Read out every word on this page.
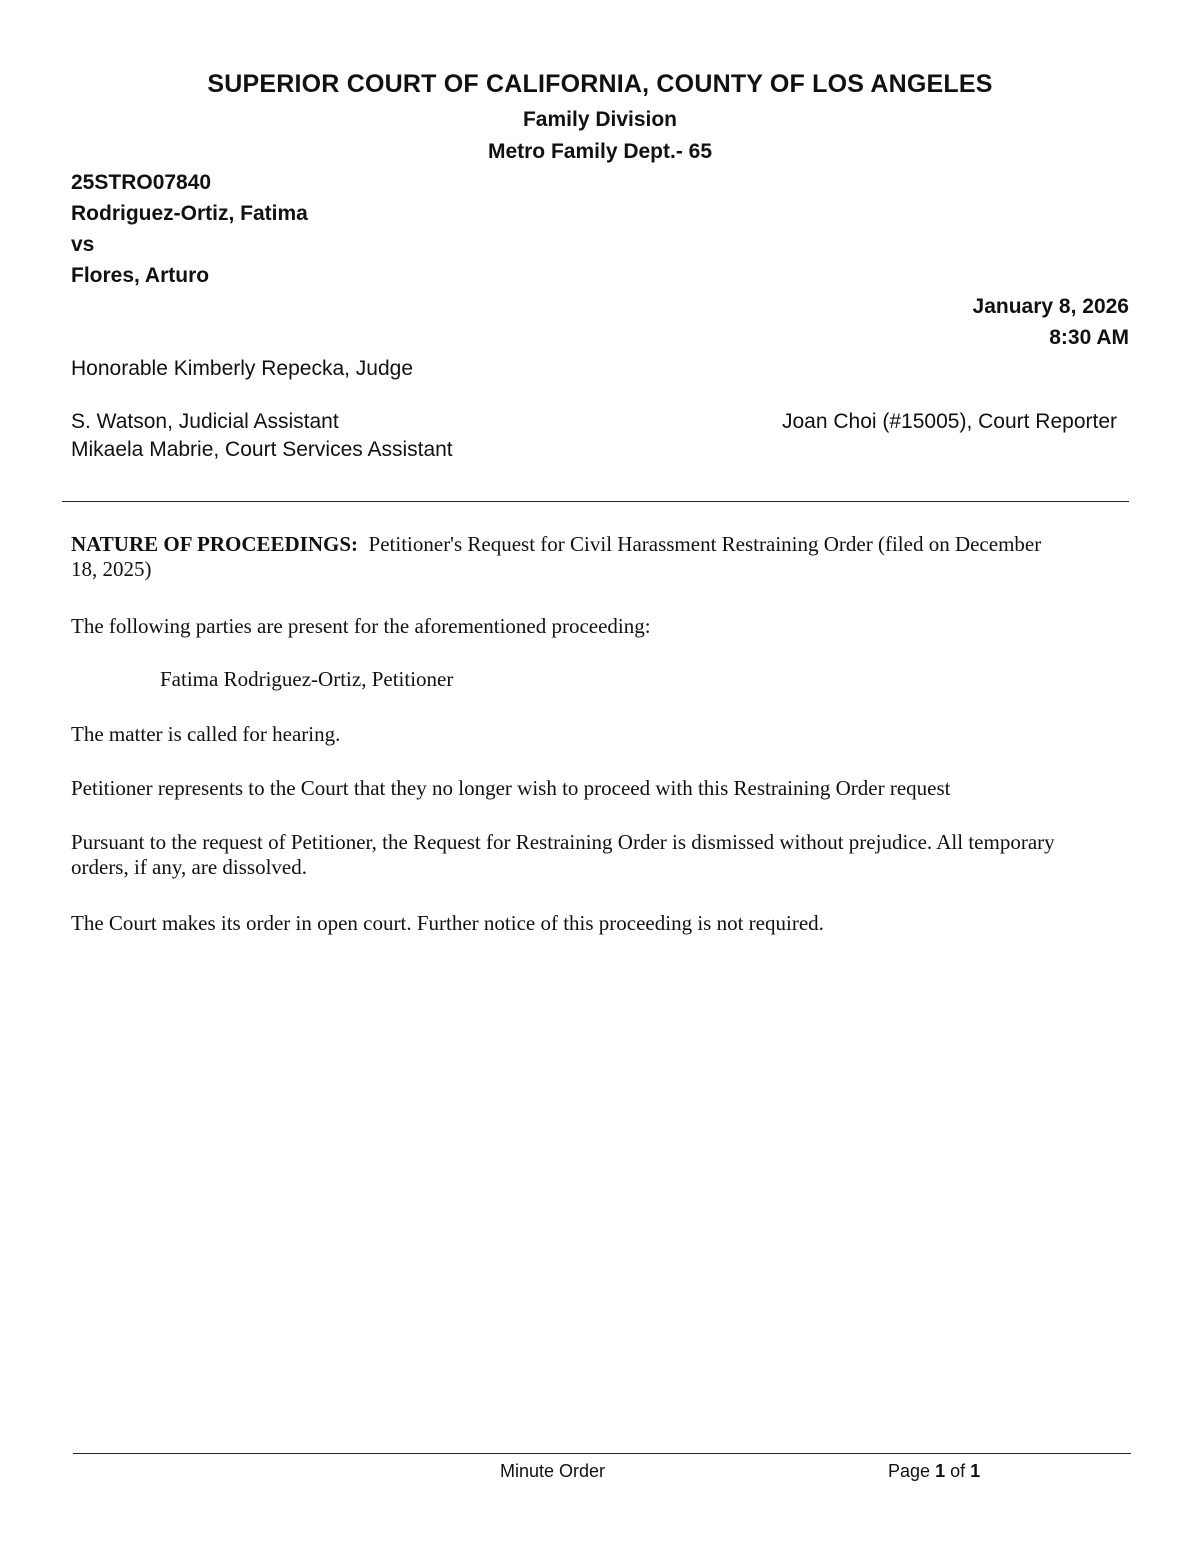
SUPERIOR COURT OF CALIFORNIA, COUNTY OF LOS ANGELES
Family Division
Metro Family Dept.- 65
25STRO07840
Rodriguez-Ortiz, Fatima
vs
Flores, Arturo
January 8, 2026
8:30 AM
Honorable Kimberly Repecka, Judge
S. Watson, Judicial Assistant
Mikaela Mabrie, Court Services Assistant
Joan Choi (#15005), Court Reporter
NATURE OF PROCEEDINGS: Petitioner's Request for Civil Harassment Restraining Order (filed on December 18, 2025)
The following parties are present for the aforementioned proceeding:
Fatima Rodriguez-Ortiz, Petitioner
The matter is called for hearing.
Petitioner represents to the Court that they no longer wish to proceed with this Restraining Order request
Pursuant to the request of Petitioner, the Request for Restraining Order is dismissed without prejudice. All temporary orders, if any, are dissolved.
The Court makes its order in open court. Further notice of this proceeding is not required.
Minute Order	Page 1 of 1
